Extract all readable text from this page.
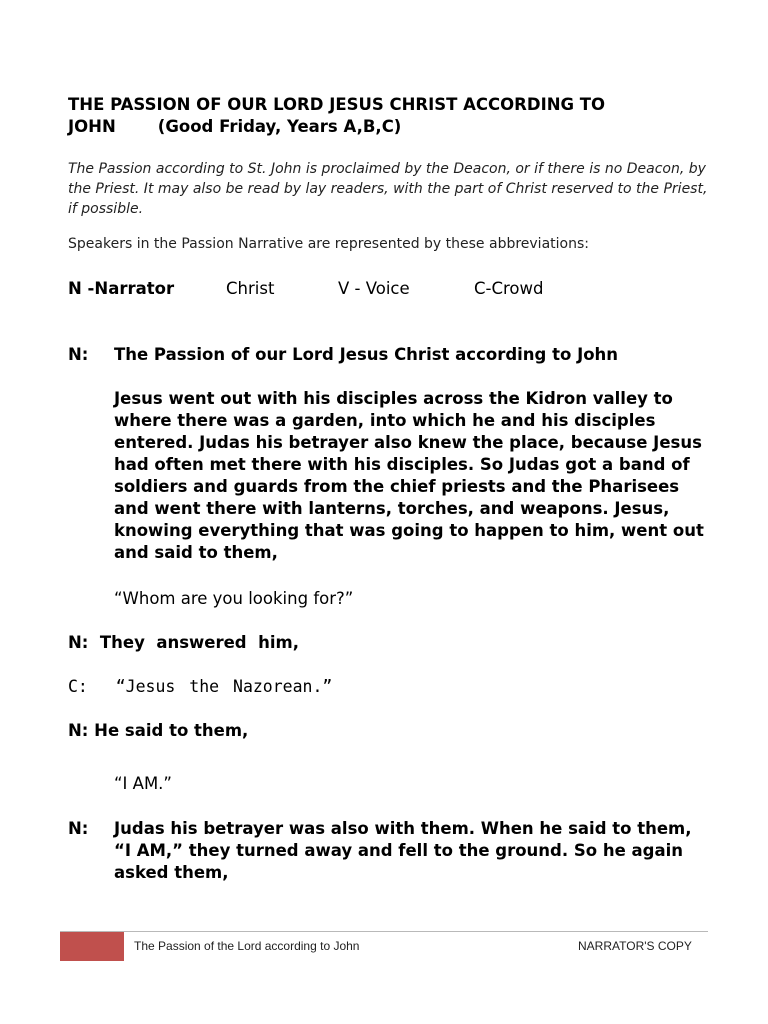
THE PASSION OF OUR LORD JESUS CHRIST ACCORDING TO
JOHN	(Good Friday, Years A,B,C)
The Passion according to St. John is proclaimed by the Deacon, or if there is no Deacon, by the Priest. It may also be read by lay readers, with the part of Christ reserved to the Priest, if possible.
Speakers in the Passion Narrative are represented by these abbreviations:
N -Narrator	Christ	V - Voice	C-Crowd
N: The Passion of our Lord Jesus Christ according to John
Jesus went out with his disciples across the Kidron valley to where there was a garden, into which he and his disciples entered. Judas his betrayer also knew the place, because Jesus had often met there with his disciples. So Judas got a band of soldiers and guards from the chief priests and the Pharisees and went there with lanterns, torches, and weapons. Jesus, knowing everything that was going to happen to him, went out and said to them,
“Whom are you looking for?”
N:  They  answered  him,
C:  “Jesus the Nazorean.”
N: He said to them,
“I AM.”
N: Judas his betrayer was also with them. When he said to them, “I AM,” they turned away and fell to the ground. So he again asked them,
The Passion of the Lord according to John	NARRATOR'S COPY
